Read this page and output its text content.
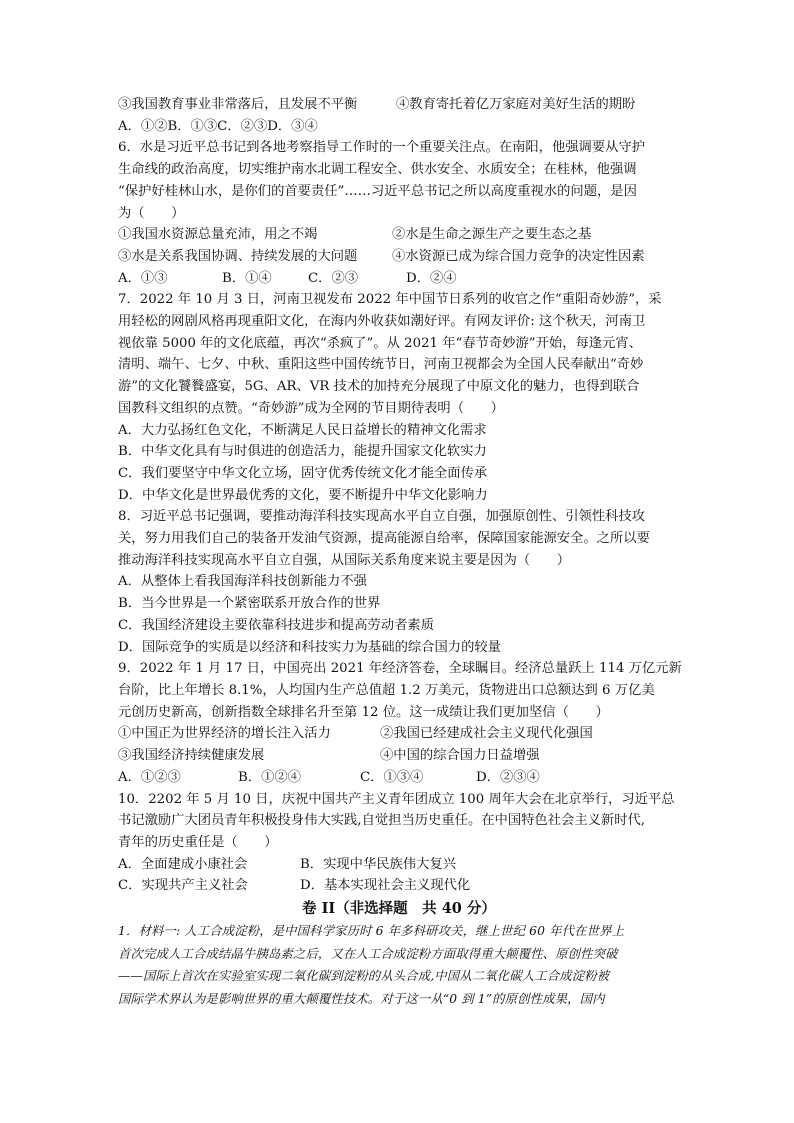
③我国教育事业非常落后，且发展不平衡	④教育寄托着亿万家庭对美好生活的期盼

A．①②B．①③C．②③D．③④

6．水是习近平总书记到各地考察指导工作时的一个重要关注点。在南阳，他强调要从守护

生命线的政治高度，切实维护南水北调工程安全、供水安全、水质安全；在桂林，他强调

“保护好桂林山水，是你们的首要责任”……习近平总书记之所以高度重视水的问题，是因

为（　　）

①我国水资源总量充沛，用之不竭	②水是生命之源生产之要生态之基

③水是关系我国协调、持续发展的大问题	④水资源已成为综合国力竞争的决定性因素

A．①③	B．①④	C．②③	D．②④

7．2022 年 10 月 3 日，河南卫视发布 2022 年中国节日系列的收官之作“重阳奇妙游”，采

用轻松的网剧风格再现重阳文化，在海内外收获如潮好评。有网友评价: 这个秋天，河南卫

视依靠 5000 年的文化底蕴，再次“杀疯了”。从 2021 年“春节奇妙游”开始，每逢元宵、

清明、端午、七夕、中秋、重阳这些中国传统节日，河南卫视都会为全国人民奉献出“奇妙

游”的文化饕餮盛宴，5G、AR、VR 技术的加持充分展现了中原文化的魅力，也得到联合

国教科文组织的点赞。“奇妙游”成为全网的节目期待表明（　　）

A．大力弘扬红色文化，不断满足人民日益增长的精神文化需求

B．中华文化具有与时俱进的创造活力，能提升国家文化软实力

C．我们要坚守中华文化立场，固守优秀传统文化才能全面传承

D．中华文化是世界最优秀的文化，要不断提升中华文化影响力

8．习近平总书记强调，要推动海洋科技实现高水平自立自强，加强原创性、引领性科技攻

关，努力用我们自己的装备开发油气资源，提高能源自给率，保障国家能源安全。之所以要

推动海洋科技实现高水平自立自强，从国际关系角度来说主要是因为（　　）

A．从整体上看我国海洋科技创新能力不强

B．当今世界是一个紧密联系开放合作的世界

C．我国经济建设主要依靠科技进步和提高劳动者素质

D．国际竞争的实质是以经济和科技实力为基础的综合国力的较量

9．2022 年 1 月 17 日，中国亮出 2021 年经济答卷，全球瞩目。经济总量跃上 114 万亿元新

台阶，比上年增长 8.1%，人均国内生产总值超 1.2 万美元，货物进出口总额达到 6 万亿美

元创历史新高，创新指数全球排名升至第 12 位。这一成绩让我们更加坚信（　　）

①中国正为世界经济的增长注入活力	②我国已经建成社会主义现代化强国

③我国经济持续健康发展	④中国的综合国力日益增强

A．①②③	B．①②④	C．①③④	D．②③④

10．2202 年 5 月 10 日，庆祝中国共产主义青年团成立 100 周年大会在北京举行，习近平总

书记激励广大团员青年积极投身伟大实践,自觉担当历史重任。在中国特色社会主义新时代,

青年的历史重任是（　　）

A．全面建成小康社会	B．实现中华民族伟大复兴
C．实现共产主义社会	D．基本实现社会主义现代化

卷 II（非选择题　共 40 分）

1．材料一: 人工合成淀粉，是中国科学家历时 6 年多科研攻关，继上世纪 60 年代在世界上

首次完成人工合成结晶牛胰岛素之后，又在人工合成淀粉方面取得重大颠覆性、原创性突破

——国际上首次在实验室实现二氧化碳到淀粉的从头合成,中国从二氧化碳人工合成淀粉被

国际学术界认为是影响世界的重大颠覆性技术。对于这一从“0 到 1”的原创性成果，国内
